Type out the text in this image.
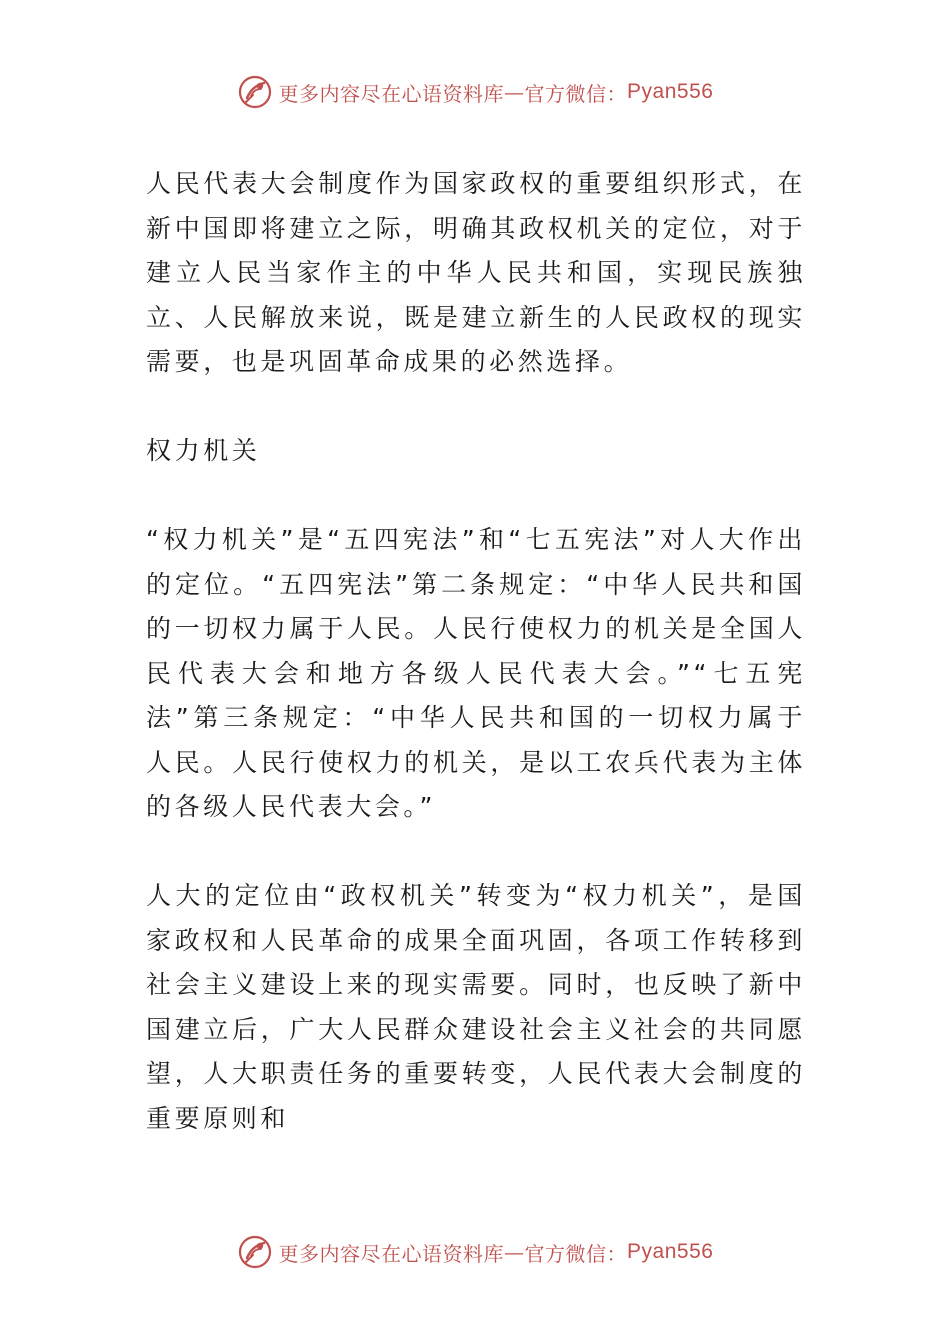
更多内容尽在心语资料库 — 官方微信： Pyan556

人民代表大会制度作为国家政权的重要组织形式，在新中国即将建立之际，明确其政权机关的定位，对于建立人民当家作主的中华人民共和国，实现民族独立、人民解放来说，既是建立新生的人民政权的现实需要，也是巩固革命成果的必然选择。

权力机关

“权力机关”是“五四宪法”和“七五宪法”对人大作出的定位。“五四宪法”第二条规定：“中华人民共和国的一切权力属于人民。人民行使权力的机关是全国人民代表大会和地方各级人民代表大会。”“七五宪法”第三条规定：“中华人民共和国的一切权力属于人民。人民行使权力的机关，是以工农兵代表为主体的各级人民代表大会。”

人大的定位由“政权机关”转变为“权力机关”，是国家政权和人民革命的成果全面巩固，各项工作转移到社会主义建设上来的现实需要。同时，也反映了新中国建立后，广大人民群众建设社会主义社会的共同愿望，人大职责任务的重要转变，人民代表大会制度的重要原则和

更多内容尽在心语资料库 — 官方微信： Pyan556
